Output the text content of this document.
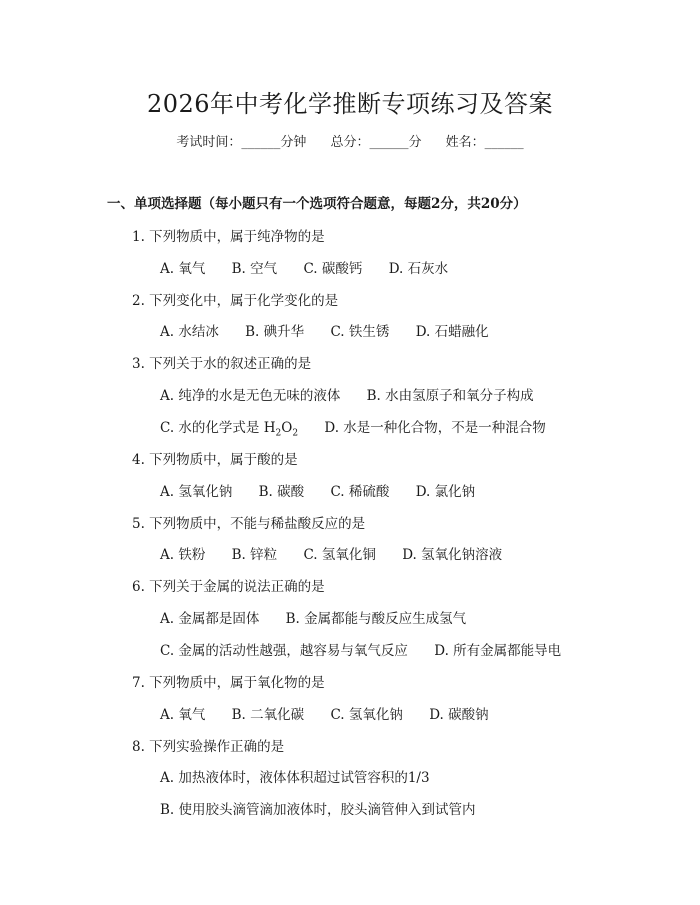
2026年中考化学推断专项练习及答案
考试时间：______分钟 总分：______分 姓名：______
一、单项选择题（每小题只有一个选项符合题意，每题2分，共20分）
1. 下列物质中，属于纯净物的是
A. 氧气 B. 空气 C. 碳酸钙 D. 石灰水
2. 下列变化中，属于化学变化的是
A. 水结冰 B. 碘升华 C. 铁生锈 D. 石蜡融化
3. 下列关于水的叙述正确的是
A. 纯净的水是无色无味的液体 B. 水由氢原子和氧分子构成
C. 水的化学式是 $H_2O_2$ D. 水是一种化合物，不是一种混合物
4. 下列物质中，属于酸的是
A. 氢氧化钠 B. 碳酸 C. 稀硫酸 D. 氯化钠
5. 下列物质中，不能与稀盐酸反应的是
A. 铁粉 B. 锌粒 C. 氢氧化铜 D. 氢氧化钠溶液
6. 下列关于金属的说法正确的是
A. 金属都是固体 B. 金属都能与酸反应生成氢气
C. 金属的活动性越强，越容易与氧气反应 D. 所有金属都能导电
7. 下列物质中，属于氧化物的是
A. 氧气 B. 二氧化碳 C. 氢氧化钠 D. 碳酸钠
8. 下列实验操作正确的是
A. 加热液体时，液体体积超过试管容积的1/3
B. 使用胶头滴管滴加液体时，胶头滴管伸入到试管内
